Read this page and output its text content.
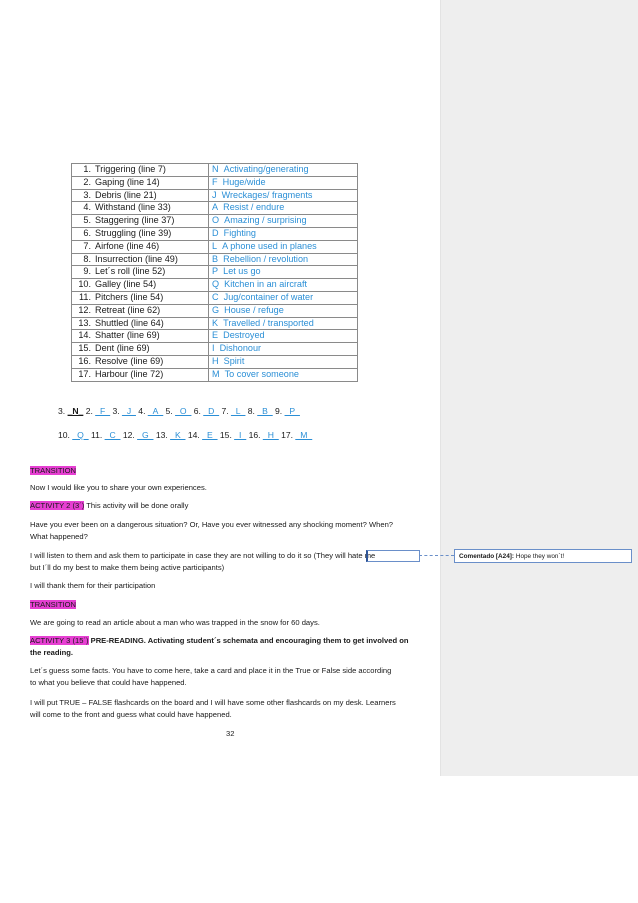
1. Triggering (line 7)	N Activating/generating
2. Gaping (line 14)	F Huge/wide
3. Debris (line 21)	J Wreckages/ fragments
4. Withstand (line 33)	A Resist / endure
5. Staggering (line 37)	O Amazing / surprising
6. Struggling (line 39)	D Fighting
7. Airfone (line 46)	L A phone used in planes
8. Insurrection (line 49)	B Rebellion / revolution
9. Let´s roll (line 52)	P Let us go
10. Galley (line 54)	Q Kitchen in an aircraft
11. Pitchers (line 54)	C Jug/container of water
12. Retreat (line 62)	G House / refuge
13. Shuttled (line 64)	K Travelled / transported
14. Shatter (line 69)	E Destroyed
15. Dent (line 69)	I Dishonour
16. Resolve (line 69)	H Spirit
17. Harbour (line 72)	M To cover someone
3. _N_ 2. _F_ 3. _J_ 4. _A_ 5. _O_ 6. _D_ 7. _L_ 8. _B_ 9. _P_
10. _Q_ 11. _C_ 12. _G_ 13. _K_ 14. _E_ 15. _I_ 16. _H_ 17. _M_
TRANSITION
Now I would like you to share your own experiences.
ACTIVITY 2 (3´) This activity will be done orally
Have you ever been on a dangerous situation? Or, Have you ever witnessed any shocking moment? When?
What happened?
I will listen to them and ask them to participate in case they are not willing to do it so (They will hate me
but I´ll do my best to make them being active participants)
I will thank them for their participation
TRANSITION
We are going to read an article about a man who was trapped in the snow for 60 days.
ACTIVITY 3 (15´) PRE-READING. Activating student´s schemata and encouraging them to get involved on
the reading.
Let´s guess some facts. You have to come here, take a card and place it in the True or False side according
to what you believe that could have happened.
I will put TRUE – FALSE flashcards on the board and I will have some other flashcards on my desk. Learners
will come to the front and guess what could have happened.
32
Comentado [A24]: Hope they won´t!
